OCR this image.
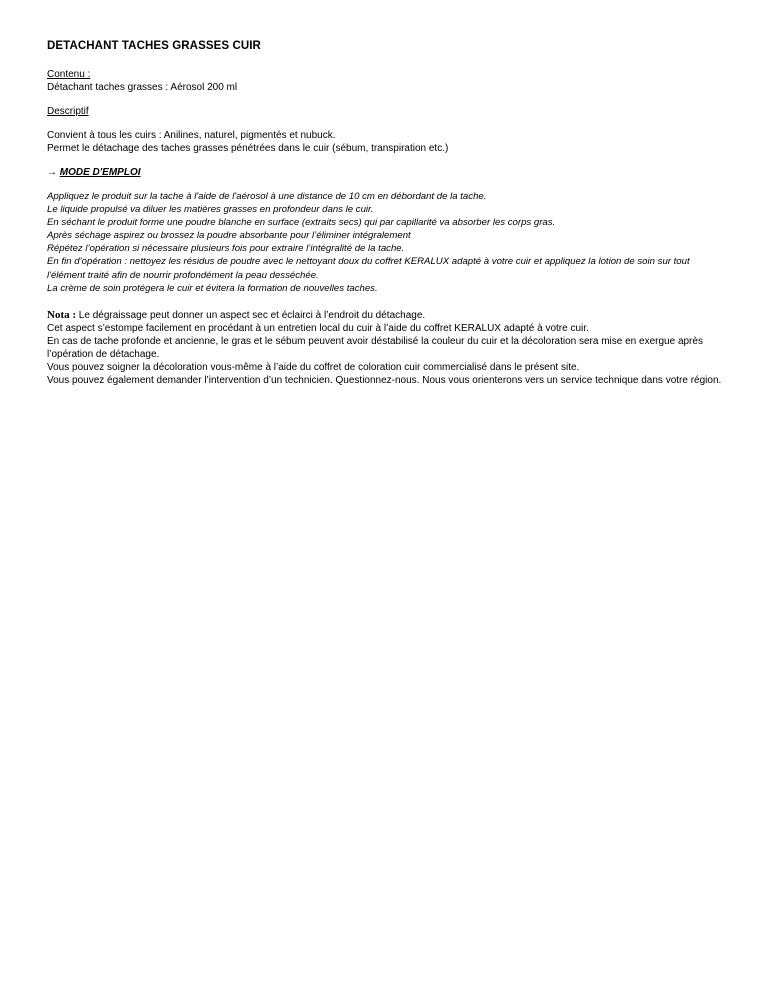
DETACHANT TACHES GRASSES CUIR

Contenu :

Détachant taches grasses : Aérosol 200 ml

Descriptif

Convient à tous les cuirs : Anilines, naturel, pigmentés et nubuck.

Permet le détachage des taches grasses pénétrées dans le cuir (sébum, transpiration etc.)

→ MODE D'EMPLOI

Appliquez le produit sur la tache à l'aide de l'aérosol à une distance de 10 cm en débordant de la tache.

Le liquide propulsé va diluer les matières grasses en profondeur dans le cuir.

En séchant le produit forme une poudre blanche en surface (extraits secs) qui par capillarité va absorber les corps gras.

Après séchage aspirez ou brossez la poudre absorbante pour l’éliminer intégralement

Répétez l’opération si nécessaire plusieurs fois pour extraire l’intégralité de la tache.

En fin d’opération : nettoyez les résidus de poudre avec le nettoyant doux du coffret KERALUX adapté à votre cuir et appliquez la lotion de soin sur tout l'élément traité afin de nourrir profondément la peau desséchée.

La crème de soin protégera le cuir et évitera la formation de nouvelles taches.

Nota : Le dégraissage peut donner un aspect sec et éclairci à l’endroit du détachage.

Cet aspect s’estompe facilement en procédant à un entretien local du cuir à l’aide du coffret KERALUX adapté à votre cuir.

En cas de tache profonde et ancienne, le gras et le sébum peuvent avoir déstabilisé la couleur du cuir et la décoloration sera mise en exergue après l’opération de détachage.

Vous pouvez soigner la décoloration vous-même à l’aide du coffret de coloration cuir commercialisé dans le présent site.

Vous pouvez également demander l’intervention d’un technicien. Questionnez-nous. Nous vous orienterons vers un service technique dans votre région.
